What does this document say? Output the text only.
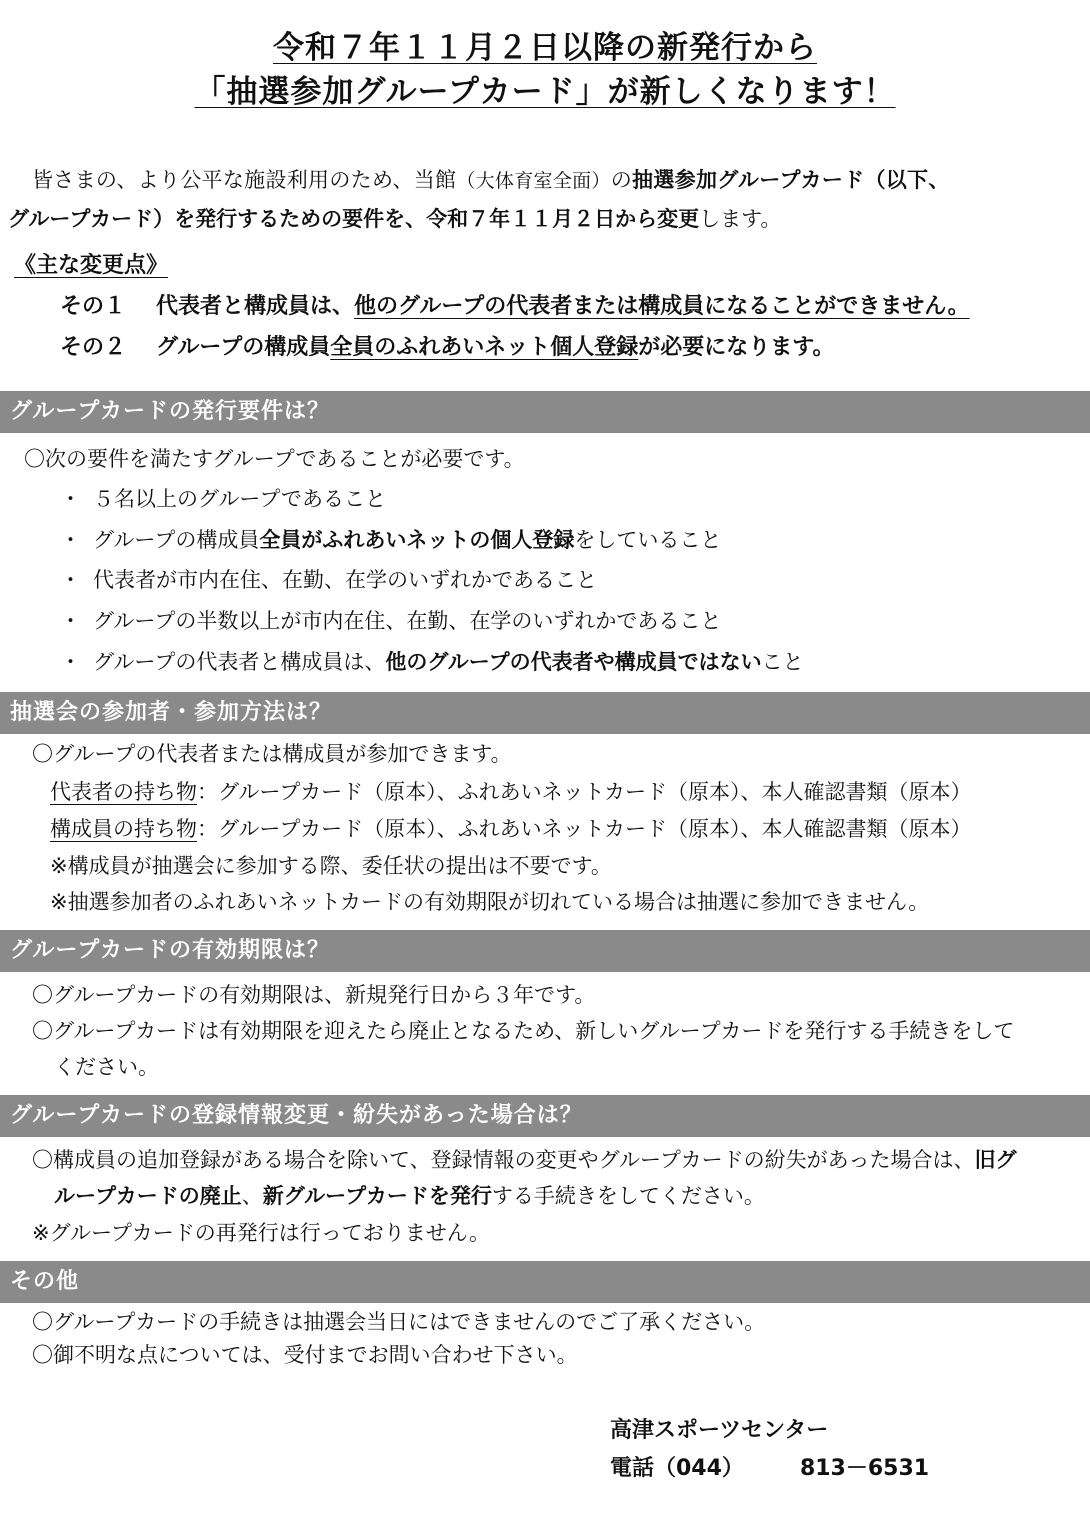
令和７年１１月２日以降の新発行から
「抽選参加グループカード」が新しくなります！
皆さまの、より公平な施設利用のため、当館（大体育室全面）の抽選参加グループカード（以下、
グループカード）を発行するための要件を、令和７年１１月２日から変更します。
《主な変更点》
その１ 代表者と構成員は、他のグループの代表者または構成員になることができません。
その２ グループの構成員全員のふれあいネット個人登録が必要になります。
グループカードの発行要件は？
〇次の要件を満たすグループであることが必要です。
・ ５名以上のグループであること
・ グループの構成員全員がふれあいネットの個人登録をしていること
・ 代表者が市内在住、在勤、在学のいずれかであること
・ グループの半数以上が市内在住、在勤、在学のいずれかであること
・ グループの代表者と構成員は、他のグループの代表者や構成員ではないこと
抽選会の参加者・参加方法は？
〇グループの代表者または構成員が参加できます。
代表者の持ち物：グループカード（原本）、ふれあいネットカード（原本）、本人確認書類（原本）
構成員の持ち物：グループカード（原本）、ふれあいネットカード（原本）、本人確認書類（原本）
※構成員が抽選会に参加する際、委任状の提出は不要です。
※抽選参加者のふれあいネットカードの有効期限が切れている場合は抽選に参加できません。
グループカードの有効期限は？
〇グループカードの有効期限は、新規発行日から３年です。
〇グループカードは有効期限を迎えたら廃止となるため、新しいグループカードを発行する手続きをして
ください。
グループカードの登録情報変更・紛失があった場合は？
〇構成員の追加登録がある場合を除いて、登録情報の変更やグループカードの紛失があった場合は、旧グ
ループカードの廃止、新グループカードを発行する手続きをしてください。
※グループカードの再発行は行っておりません。
その他
〇グループカードの手続きは抽選会当日にはできませんのでご了承ください。
〇御不明な点については、受付までお問い合わせ下さい。
高津スポーツセンター
電話（044）	813－6531
